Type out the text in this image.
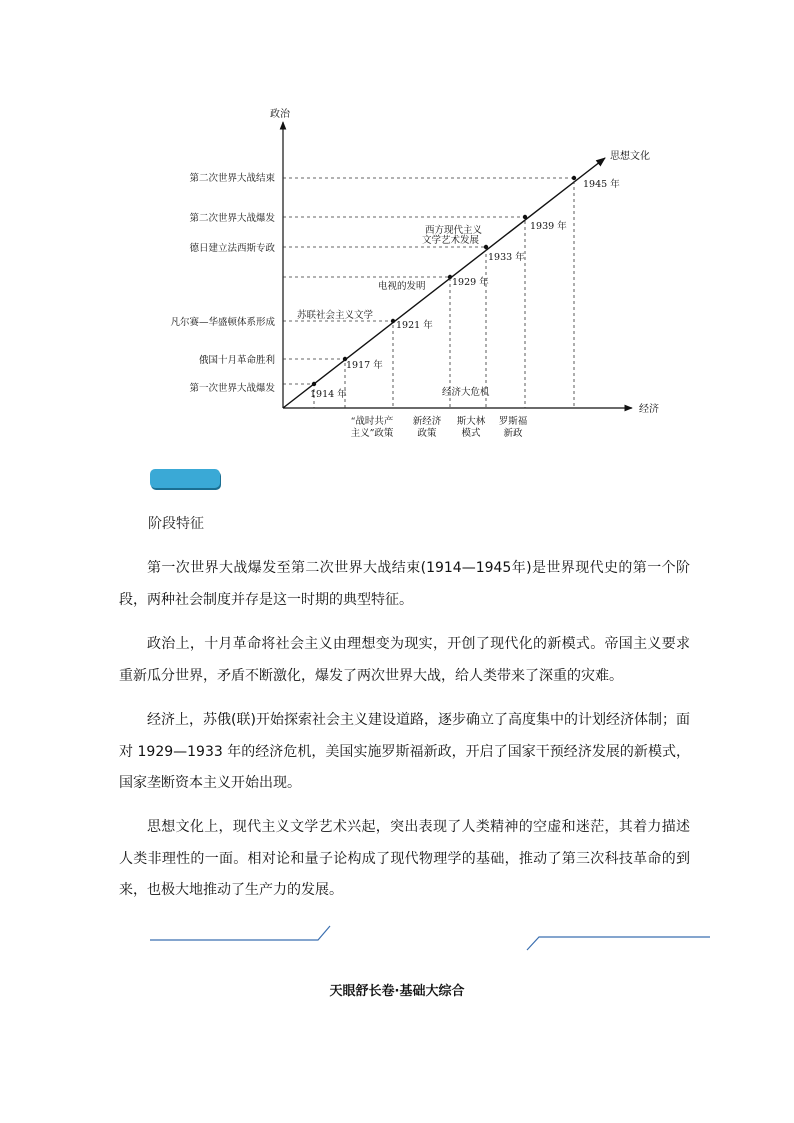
政治
经济
思想文化
第二次世界大战结束
第二次世界大战爆发
德日建立法西斯专政
凡尔赛—华盛顿体系形成
俄国十月革命胜利
第一次世界大战爆发
1914 年
1917 年
1921 年
1929 年
1933 年
1939 年
1945 年
苏联社会主义文学
电视的发明
西方现代主义
文学艺术发展
经济大危机
“战时共产
主义”政策
新经济
政策
斯大林
模式
罗斯福
新政
阶段特征

第一次世界大战爆发至第二次世界大战结束(1914—1945年)是世界现代史的第一个阶段，两种社会制度并存是这一时期的典型特征。

政治上，十月革命将社会主义由理想变为现实，开创了现代化的新模式。帝国主义要求重新瓜分世界，矛盾不断激化，爆发了两次世界大战，给人类带来了深重的灾难。

经济上，苏俄(联)开始探索社会主义建设道路，逐步确立了高度集中的计划经济体制；面对 1929—1933 年的经济危机，美国实施罗斯福新政，开启了国家干预经济发展的新模式，国家垄断资本主义开始出现。

思想文化上，现代主义文学艺术兴起，突出表现了人类精神的空虚和迷茫，其着力描述人类非理性的一面。相对论和量子论构成了现代物理学的基础，推动了第三次科技革命的到来，也极大地推动了生产力的发展。

天眼舒长卷·基础大综合
